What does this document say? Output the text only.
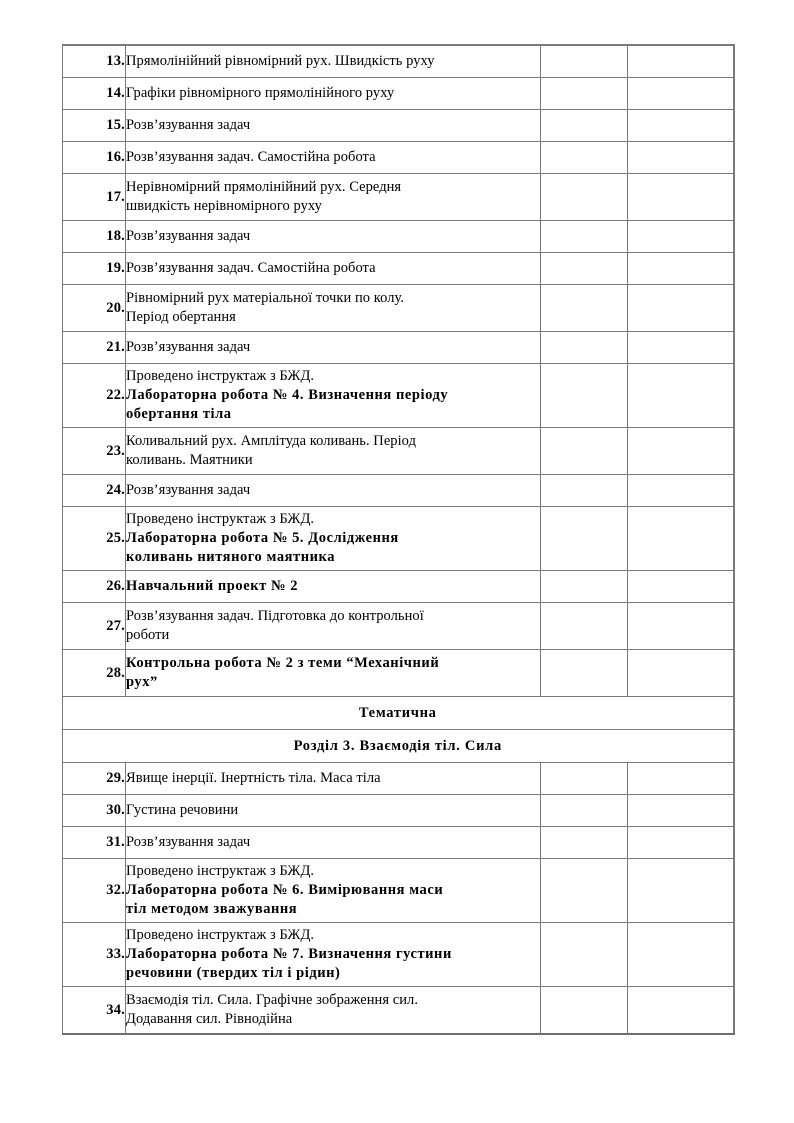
13.	Прямолінійний рівномірний рух. Швидкість руху		

14.	Графіки рівномірного прямолінійного руху		

15.	Розв’язування задач		

16.	Розв’язування задач. Самостійна робота		

17.	Нерівномірний прямолінійний рух. Середня
швидкість нерівномірного руху		

18.	Розв’язування задач		

19.	Розв’язування задач. Самостійна робота		

20.	Рівномірний рух матеріальної точки по колу.
Період обертання		

21.	Розв’язування задач		

22.	Проведено інструктаж з БЖД.
Лабораторна робота № 4. Визначення періоду
обертання тіла		

23.	Коливальний рух. Амплітуда коливань. Період
коливань. Маятники		

24.	Розв’язування задач		

25.	Проведено інструктаж з БЖД.
Лабораторна робота № 5. Дослідження
коливань нитяного маятника		

26.	Навчальний проект № 2		

27.	Розв’язування задач. Підготовка до контрольної
роботи		

28.	Контрольна робота № 2 з теми “Механічний
рух”		

Тематична			
Розділ 3. Взаємодія тіл. Сила			
29.	Явище інерції. Інертність тіла. Маса тіла		

30.	Густина речовини		

31.	Розв’язування задач		

32.	Проведено інструктаж з БЖД.
Лабораторна робота № 6. Вимірювання маси
тіл методом зважування		

33.	Проведено інструктаж з БЖД.
Лабораторна робота № 7. Визначення густини
речовини (твердих тіл і рідин)		

34.	Взаємодія тіл. Сила. Графічне зображення сил.
Додавання сил. Рівнодійна		
